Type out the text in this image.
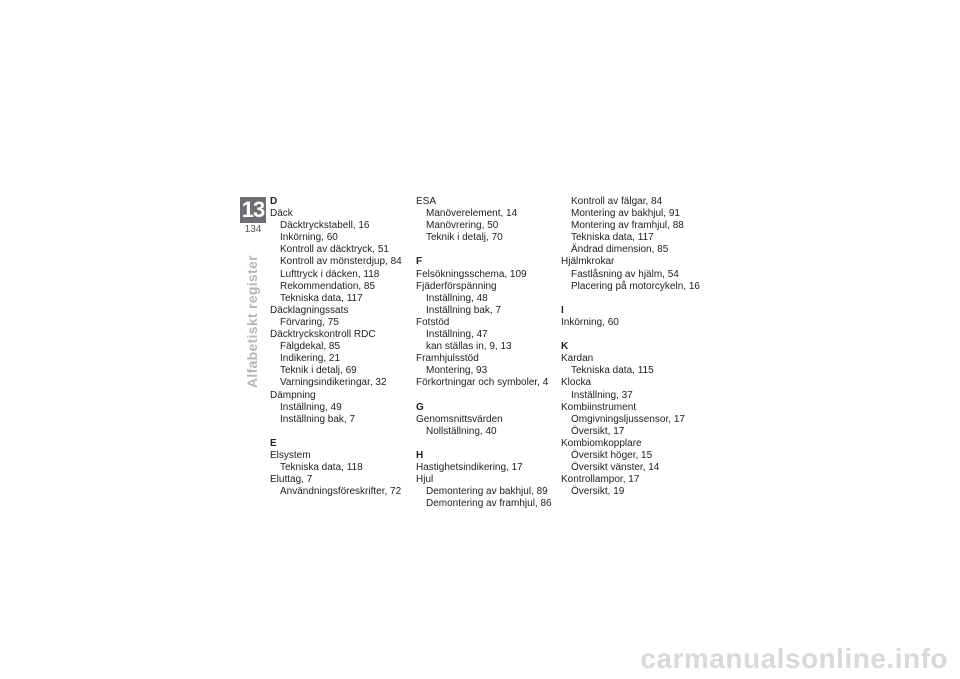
13
134
Alfabetiskt register
D
Däck
Däcktryckstabell, 16
Inkörning, 60
Kontroll av däcktryck, 51
Kontroll av mönsterdjup, 84
Lufttryck i däcken, 118
Rekommendation, 85
Tekniska data, 117
Däcklagningssats
Förvaring, 75
Däcktryckskontroll RDC
Fälgdekal, 85
Indikering, 21
Teknik i detalj, 69
Varningsindikeringar, 32
Dämpning
Inställning, 49
Inställning bak, 7
E
Elsystem
Tekniska data, 118
Eluttag, 7
Användningsföreskrifter, 72
ESA
Manöverelement, 14
Manövrering, 50
Teknik i detalj, 70
F
Felsökningsschema, 109
Fjäderförspänning
Inställning, 48
Inställning bak, 7
Fotstöd
Inställning, 47
kan ställas in, 9, 13
Framhjulsstöd
Montering, 93
Förkortningar och symboler, 4
G
Genomsnittsvärden
Nollställning, 40
H
Hastighetsindikering, 17
Hjul
Demontering av bakhjul, 89
Demontering av framhjul, 86
Kontroll av fälgar, 84
Montering av bakhjul, 91
Montering av framhjul, 88
Tekniska data, 117
Ändrad dimension, 85
Hjälmkrokar
Fastlåsning av hjälm, 54
Placering på motorcykeln, 16
I
Inkörning, 60
K
Kardan
Tekniska data, 115
Klocka
Inställning, 37
Kombiinstrument
Omgivningsljussensor, 17
Översikt, 17
Kombiomkopplare
Översikt höger, 15
Översikt vänster, 14
Kontrollampor, 17
Översikt, 19
carmanualsonline.info
